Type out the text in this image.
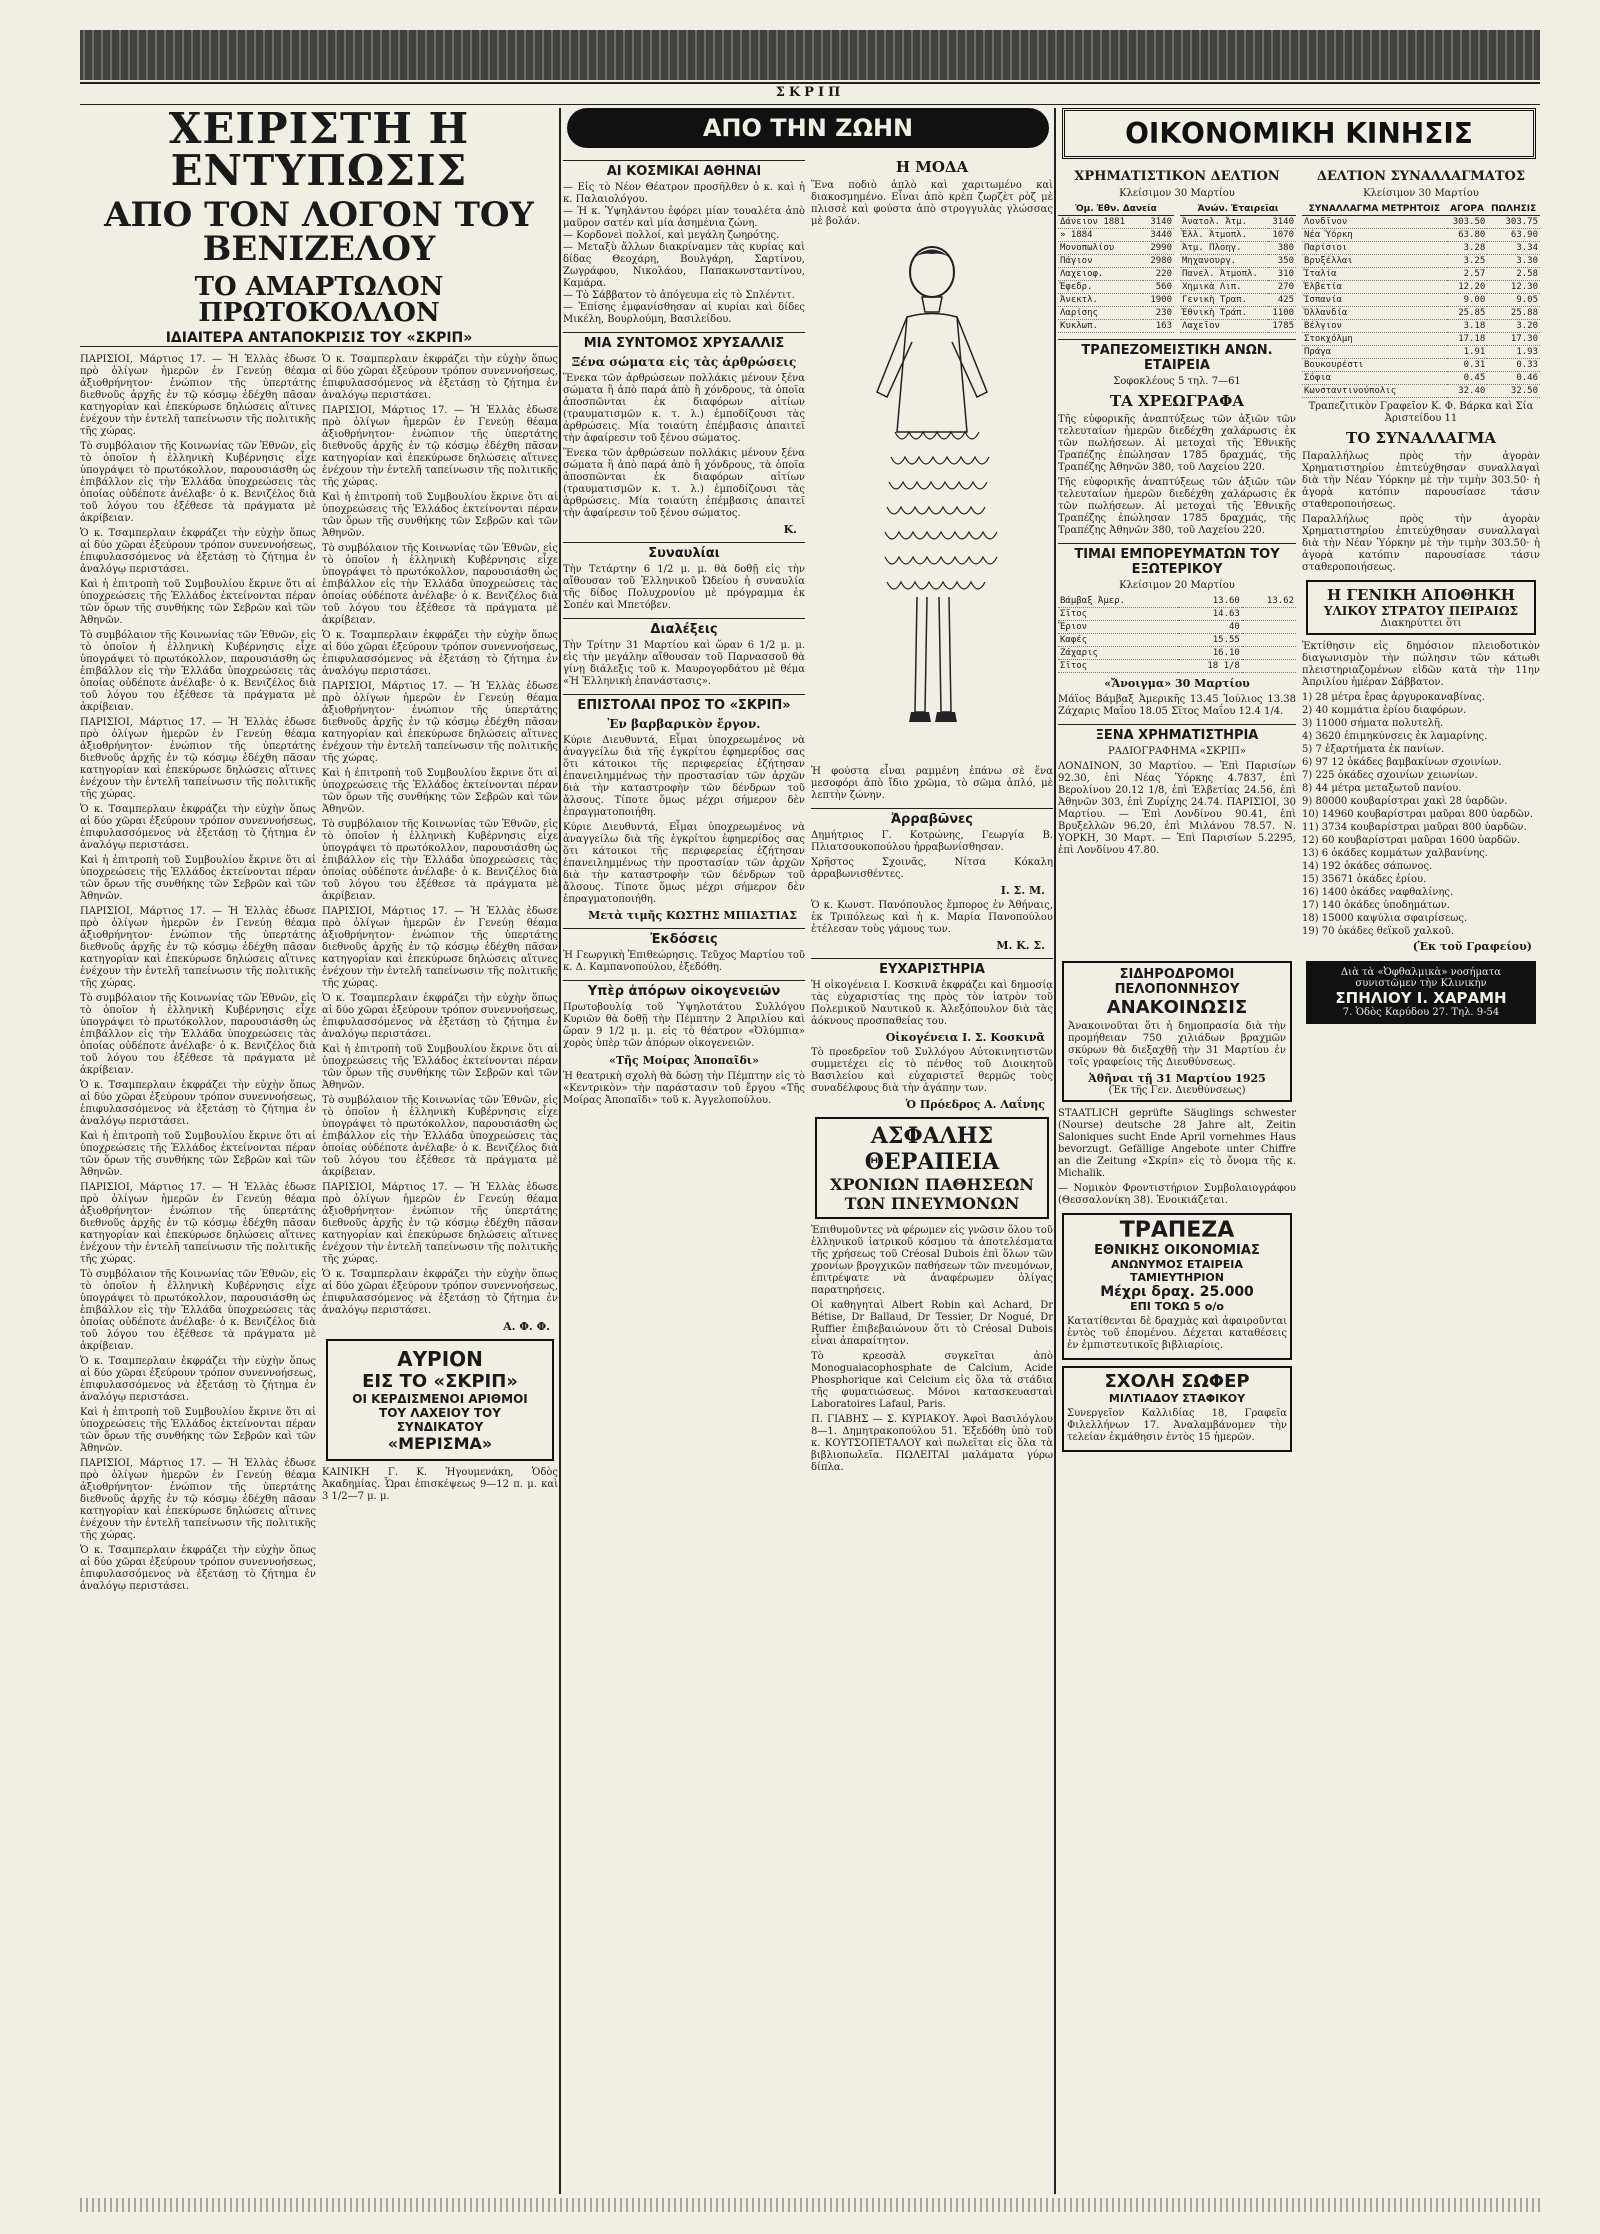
ΣΚΡΙΠ
ΧΕΙΡΙΣΤΗ Η ΕΝΤΥΠΩΣΙΣ
ΑΠΟ ΤΟΝ ΛΟΓΟΝ ΤΟΥ ΒΕΝΙΖΕΛΟΥ
ΤΟ ΑΜΑΡΤΩΛΟΝ ΠΡΩΤΟΚΟΛΛΟΝ
ΙΔΙΑΙΤΕΡΑ ΑΝΤΑΠΟΚΡΙΣΙΣ ΤΟΥ «ΣΚΡΙΠ»

ΠΑΡΙΣΙΟΙ, Μάρτιος 17. — Ἡ Ἑλλὰς ἐδωσε πρὸ ὀλίγων ἡμερῶν ἐν Γενεύῃ θέαμα ἀξιοθρήνητον· ἐνώπιον τῆς ὑπερτάτης διεθνοῦς ἀρχῆς ἐν τῷ κόσμῳ ἐδέχθη πᾶσαν κατηγορίαν καὶ ἐπεκύρωσε δηλώσεις αἵτινες ἐνέχουν τὴν ἐντελῆ ταπείνωσιν τῆς πολιτικῆς τῆς χώρας.

Τὸ συμβόλαιον τῆς Κοινωνίας τῶν Ἐθνῶν, εἰς τὸ ὁποῖον ἡ ἑλληνικὴ Κυβέρνησις εἶχε ὑπογράψει τὸ πρωτόκολλον, παρουσιάσθη ὡς ἐπιβάλλον εἰς τὴν Ἑλλάδα ὑποχρεώσεις τὰς ὁποίας οὐδέποτε ἀνέλαβε· ὁ κ. Βενιζέλος διὰ τοῦ λόγου του ἐξέθεσε τὰ πράγματα μὲ ἀκρίβειαν.

Ὁ κ. Τσαμπερλαιν ἐκφράζει τὴν εὐχὴν ὅπως αἱ δύο χῶραι ἐξεύρουν τρόπον συνεννοήσεως, ἐπιφυλασσόμενος νὰ ἐξετάσῃ τὸ ζήτημα ἐν ἀναλόγῳ περιστάσει.

Καὶ ἡ ἐπιτροπὴ τοῦ Συμβουλίου ἔκρινε ὅτι αἱ ὑποχρεώσεις τῆς Ἑλλάδος ἐκτείνονται πέραν τῶν ὅρων τῆς συνθήκης τῶν Σεβρῶν καὶ τῶν Ἀθηνῶν.

Τὸ συμβόλαιον τῆς Κοινωνίας τῶν Ἐθνῶν, εἰς τὸ ὁποῖον ἡ ἑλληνικὴ Κυβέρνησις εἶχε ὑπογράψει τὸ πρωτόκολλον, παρουσιάσθη ὡς ἐπιβάλλον εἰς τὴν Ἑλλάδα ὑποχρεώσεις τὰς ὁποίας οὐδέποτε ἀνέλαβε· ὁ κ. Βενιζέλος διὰ τοῦ λόγου του ἐξέθεσε τὰ πράγματα μὲ ἀκρίβειαν.

ΠΑΡΙΣΙΟΙ, Μάρτιος 17. — Ἡ Ἑλλὰς ἐδωσε πρὸ ὀλίγων ἡμερῶν ἐν Γενεύῃ θέαμα ἀξιοθρήνητον· ἐνώπιον τῆς ὑπερτάτης διεθνοῦς ἀρχῆς ἐν τῷ κόσμῳ ἐδέχθη πᾶσαν κατηγορίαν καὶ ἐπεκύρωσε δηλώσεις αἵτινες ἐνέχουν τὴν ἐντελῆ ταπείνωσιν τῆς πολιτικῆς τῆς χώρας.

Ὁ κ. Τσαμπερλαιν ἐκφράζει τὴν εὐχὴν ὅπως αἱ δύο χῶραι ἐξεύρουν τρόπον συνεννοήσεως, ἐπιφυλασσόμενος νὰ ἐξετάσῃ τὸ ζήτημα ἐν ἀναλόγῳ περιστάσει.

Καὶ ἡ ἐπιτροπὴ τοῦ Συμβουλίου ἔκρινε ὅτι αἱ ὑποχρεώσεις τῆς Ἑλλάδος ἐκτείνονται πέραν τῶν ὅρων τῆς συνθήκης τῶν Σεβρῶν καὶ τῶν Ἀθηνῶν.

ΠΑΡΙΣΙΟΙ, Μάρτιος 17. — Ἡ Ἑλλὰς ἐδωσε πρὸ ὀλίγων ἡμερῶν ἐν Γενεύῃ θέαμα ἀξιοθρήνητον· ἐνώπιον τῆς ὑπερτάτης διεθνοῦς ἀρχῆς ἐν τῷ κόσμῳ ἐδέχθη πᾶσαν κατηγορίαν καὶ ἐπεκύρωσε δηλώσεις αἵτινες ἐνέχουν τὴν ἐντελῆ ταπείνωσιν τῆς πολιτικῆς τῆς χώρας.

Τὸ συμβόλαιον τῆς Κοινωνίας τῶν Ἐθνῶν, εἰς τὸ ὁποῖον ἡ ἑλληνικὴ Κυβέρνησις εἶχε ὑπογράψει τὸ πρωτόκολλον, παρουσιάσθη ὡς ἐπιβάλλον εἰς τὴν Ἑλλάδα ὑποχρεώσεις τὰς ὁποίας οὐδέποτε ἀνέλαβε· ὁ κ. Βενιζέλος διὰ τοῦ λόγου του ἐξέθεσε τὰ πράγματα μὲ ἀκρίβειαν.

Ὁ κ. Τσαμπερλαιν ἐκφράζει τὴν εὐχὴν ὅπως αἱ δύο χῶραι ἐξεύρουν τρόπον συνεννοήσεως, ἐπιφυλασσόμενος νὰ ἐξετάσῃ τὸ ζήτημα ἐν ἀναλόγῳ περιστάσει.

Καὶ ἡ ἐπιτροπὴ τοῦ Συμβουλίου ἔκρινε ὅτι αἱ ὑποχρεώσεις τῆς Ἑλλάδος ἐκτείνονται πέραν τῶν ὅρων τῆς συνθήκης τῶν Σεβρῶν καὶ τῶν Ἀθηνῶν.

ΠΑΡΙΣΙΟΙ, Μάρτιος 17. — Ἡ Ἑλλὰς ἐδωσε πρὸ ὀλίγων ἡμερῶν ἐν Γενεύῃ θέαμα ἀξιοθρήνητον· ἐνώπιον τῆς ὑπερτάτης διεθνοῦς ἀρχῆς ἐν τῷ κόσμῳ ἐδέχθη πᾶσαν κατηγορίαν καὶ ἐπεκύρωσε δηλώσεις αἵτινες ἐνέχουν τὴν ἐντελῆ ταπείνωσιν τῆς πολιτικῆς τῆς χώρας.

Τὸ συμβόλαιον τῆς Κοινωνίας τῶν Ἐθνῶν, εἰς τὸ ὁποῖον ἡ ἑλληνικὴ Κυβέρνησις εἶχε ὑπογράψει τὸ πρωτόκολλον, παρουσιάσθη ὡς ἐπιβάλλον εἰς τὴν Ἑλλάδα ὑποχρεώσεις τὰς ὁποίας οὐδέποτε ἀνέλαβε· ὁ κ. Βενιζέλος διὰ τοῦ λόγου του ἐξέθεσε τὰ πράγματα μὲ ἀκρίβειαν.

Ὁ κ. Τσαμπερλαιν ἐκφράζει τὴν εὐχὴν ὅπως αἱ δύο χῶραι ἐξεύρουν τρόπον συνεννοήσεως, ἐπιφυλασσόμενος νὰ ἐξετάσῃ τὸ ζήτημα ἐν ἀναλόγῳ περιστάσει.

Καὶ ἡ ἐπιτροπὴ τοῦ Συμβουλίου ἔκρινε ὅτι αἱ ὑποχρεώσεις τῆς Ἑλλάδος ἐκτείνονται πέραν τῶν ὅρων τῆς συνθήκης τῶν Σεβρῶν καὶ τῶν Ἀθηνῶν.

ΠΑΡΙΣΙΟΙ, Μάρτιος 17. — Ἡ Ἑλλὰς ἐδωσε πρὸ ὀλίγων ἡμερῶν ἐν Γενεύῃ θέαμα ἀξιοθρήνητον· ἐνώπιον τῆς ὑπερτάτης διεθνοῦς ἀρχῆς ἐν τῷ κόσμῳ ἐδέχθη πᾶσαν κατηγορίαν καὶ ἐπεκύρωσε δηλώσεις αἵτινες ἐνέχουν τὴν ἐντελῆ ταπείνωσιν τῆς πολιτικῆς τῆς χώρας.

Ὁ κ. Τσαμπερλαιν ἐκφράζει τὴν εὐχὴν ὅπως αἱ δύο χῶραι ἐξεύρουν τρόπον συνεννοήσεως, ἐπιφυλασσόμενος νὰ ἐξετάσῃ τὸ ζήτημα ἐν ἀναλόγῳ περιστάσει.

Ὁ κ. Τσαμπερλαιν ἐκφράζει τὴν εὐχὴν ὅπως αἱ δύο χῶραι ἐξεύρουν τρόπον συνεννοήσεως, ἐπιφυλασσόμενος νὰ ἐξετάσῃ τὸ ζήτημα ἐν ἀναλόγῳ περιστάσει.

ΠΑΡΙΣΙΟΙ, Μάρτιος 17. — Ἡ Ἑλλὰς ἐδωσε πρὸ ὀλίγων ἡμερῶν ἐν Γενεύῃ θέαμα ἀξιοθρήνητον· ἐνώπιον τῆς ὑπερτάτης διεθνοῦς ἀρχῆς ἐν τῷ κόσμῳ ἐδέχθη πᾶσαν κατηγορίαν καὶ ἐπεκύρωσε δηλώσεις αἵτινες ἐνέχουν τὴν ἐντελῆ ταπείνωσιν τῆς πολιτικῆς τῆς χώρας.

Καὶ ἡ ἐπιτροπὴ τοῦ Συμβουλίου ἔκρινε ὅτι αἱ ὑποχρεώσεις τῆς Ἑλλάδος ἐκτείνονται πέραν τῶν ὅρων τῆς συνθήκης τῶν Σεβρῶν καὶ τῶν Ἀθηνῶν.

Τὸ συμβόλαιον τῆς Κοινωνίας τῶν Ἐθνῶν, εἰς τὸ ὁποῖον ἡ ἑλληνικὴ Κυβέρνησις εἶχε ὑπογράψει τὸ πρωτόκολλον, παρουσιάσθη ὡς ἐπιβάλλον εἰς τὴν Ἑλλάδα ὑποχρεώσεις τὰς ὁποίας οὐδέποτε ἀνέλαβε· ὁ κ. Βενιζέλος διὰ τοῦ λόγου του ἐξέθεσε τὰ πράγματα μὲ ἀκρίβειαν.

Ὁ κ. Τσαμπερλαιν ἐκφράζει τὴν εὐχὴν ὅπως αἱ δύο χῶραι ἐξεύρουν τρόπον συνεννοήσεως, ἐπιφυλασσόμενος νὰ ἐξετάσῃ τὸ ζήτημα ἐν ἀναλόγῳ περιστάσει.

ΠΑΡΙΣΙΟΙ, Μάρτιος 17. — Ἡ Ἑλλὰς ἐδωσε πρὸ ὀλίγων ἡμερῶν ἐν Γενεύῃ θέαμα ἀξιοθρήνητον· ἐνώπιον τῆς ὑπερτάτης διεθνοῦς ἀρχῆς ἐν τῷ κόσμῳ ἐδέχθη πᾶσαν κατηγορίαν καὶ ἐπεκύρωσε δηλώσεις αἵτινες ἐνέχουν τὴν ἐντελῆ ταπείνωσιν τῆς πολιτικῆς τῆς χώρας.

Καὶ ἡ ἐπιτροπὴ τοῦ Συμβουλίου ἔκρινε ὅτι αἱ ὑποχρεώσεις τῆς Ἑλλάδος ἐκτείνονται πέραν τῶν ὅρων τῆς συνθήκης τῶν Σεβρῶν καὶ τῶν Ἀθηνῶν.

Τὸ συμβόλαιον τῆς Κοινωνίας τῶν Ἐθνῶν, εἰς τὸ ὁποῖον ἡ ἑλληνικὴ Κυβέρνησις εἶχε ὑπογράψει τὸ πρωτόκολλον, παρουσιάσθη ὡς ἐπιβάλλον εἰς τὴν Ἑλλάδα ὑποχρεώσεις τὰς ὁποίας οὐδέποτε ἀνέλαβε· ὁ κ. Βενιζέλος διὰ τοῦ λόγου του ἐξέθεσε τὰ πράγματα μὲ ἀκρίβειαν.

ΠΑΡΙΣΙΟΙ, Μάρτιος 17. — Ἡ Ἑλλὰς ἐδωσε πρὸ ὀλίγων ἡμερῶν ἐν Γενεύῃ θέαμα ἀξιοθρήνητον· ἐνώπιον τῆς ὑπερτάτης διεθνοῦς ἀρχῆς ἐν τῷ κόσμῳ ἐδέχθη πᾶσαν κατηγορίαν καὶ ἐπεκύρωσε δηλώσεις αἵτινες ἐνέχουν τὴν ἐντελῆ ταπείνωσιν τῆς πολιτικῆς τῆς χώρας.

Ὁ κ. Τσαμπερλαιν ἐκφράζει τὴν εὐχὴν ὅπως αἱ δύο χῶραι ἐξεύρουν τρόπον συνεννοήσεως, ἐπιφυλασσόμενος νὰ ἐξετάσῃ τὸ ζήτημα ἐν ἀναλόγῳ περιστάσει.

Καὶ ἡ ἐπιτροπὴ τοῦ Συμβουλίου ἔκρινε ὅτι αἱ ὑποχρεώσεις τῆς Ἑλλάδος ἐκτείνονται πέραν τῶν ὅρων τῆς συνθήκης τῶν Σεβρῶν καὶ τῶν Ἀθηνῶν.

Τὸ συμβόλαιον τῆς Κοινωνίας τῶν Ἐθνῶν, εἰς τὸ ὁποῖον ἡ ἑλληνικὴ Κυβέρνησις εἶχε ὑπογράψει τὸ πρωτόκολλον, παρουσιάσθη ὡς ἐπιβάλλον εἰς τὴν Ἑλλάδα ὑποχρεώσεις τὰς ὁποίας οὐδέποτε ἀνέλαβε· ὁ κ. Βενιζέλος διὰ τοῦ λόγου του ἐξέθεσε τὰ πράγματα μὲ ἀκρίβειαν.

ΠΑΡΙΣΙΟΙ, Μάρτιος 17. — Ἡ Ἑλλὰς ἐδωσε πρὸ ὀλίγων ἡμερῶν ἐν Γενεύῃ θέαμα ἀξιοθρήνητον· ἐνώπιον τῆς ὑπερτάτης διεθνοῦς ἀρχῆς ἐν τῷ κόσμῳ ἐδέχθη πᾶσαν κατηγορίαν καὶ ἐπεκύρωσε δηλώσεις αἵτινες ἐνέχουν τὴν ἐντελῆ ταπείνωσιν τῆς πολιτικῆς τῆς χώρας.

Ὁ κ. Τσαμπερλαιν ἐκφράζει τὴν εὐχὴν ὅπως αἱ δύο χῶραι ἐξεύρουν τρόπον συνεννοήσεως, ἐπιφυλασσόμενος νὰ ἐξετάσῃ τὸ ζήτημα ἐν ἀναλόγῳ περιστάσει.

Α. Φ. Φ.
ΑΥΡΙΟΝ
ΕΙΣ ΤΟ «ΣΚΡΙΠ»
ΟΙ ΚΕΡΔΙΣΜΕΝΟΙ ΑΡΙΘΜΟΙ
ΤΟΥ ΛΑΧΕΙΟΥ ΤΟΥ ΣΥΝΔΙΚΑΤΟΥ
«ΜΕΡΙΣΜΑ»

ΚΑΙΝΙΚΗ Γ. Κ. Ἡγουμενάκη, Ὁδὸς Ἀκαδημίας. Ὧραι ἐπισκέψεως 9—12 π. μ. καὶ 3 1/2—7 μ. μ.

ΑΠΟ ΤΗΝ ΖΩΗΝ
ΑΙ ΚΟΣΜΙΚΑΙ ΑΘΗΝΑΙ

— Εἰς τὸ Νέον Θέατρον προσῆλθεν ὁ κ. καὶ ἡ κ. Παλαιολόγου.
— Ἡ κ. Ὑψηλάντου ἐφόρει μίαν τουαλέτα ἀπὸ μαῦρον σατέν καὶ μία ἀσημένια ζώνη.
— Κορδονεὶ πολλοί, καὶ μεγάλη ζωηρότης.
— Μεταξὺ ἄλλων διακρίναμεν τὰς κυρίας καὶ δίδας Θεοχάρη, Βουλγάρη, Σαρτίνου, Ζωγράφου, Νικολάου, Παπακωνσταντίνου, Καμάρα.
— Τὸ Σάββατον τὸ ἀπόγευμα εἰς τὸ Σπλέντιτ.
— Ἐπίσης ἐμφανίσθησαν αἱ κυρίαι καὶ δίδες Μικέλη, Βουρλούμη, Βασιλείδου.

ΜΙΑ ΣΥΝΤΟΜΟΣ ΧΡΥΣΑΛΛΙΣ
Ξένα σώματα εἰς τὰς ἀρθρώσεις

Ἕνεκα τῶν ἀρθρώσεων πολλάκις μένουν ξένα σώματα ἢ ἀπὸ παρά ἀπὸ ἢ χόνδρους, τὰ ὁποῖα ἀποσπῶνται ἐκ διαφόρων αἰτίων (τραυματισμῶν κ. τ. λ.) ἐμποδίζουσι τὰς ἀρθρώσεις. Μία τοιαύτη ἐπέμβασις ἀπαιτεῖ τὴν ἀφαίρεσιν τοῦ ξένου σώματος.

Ἕνεκα τῶν ἀρθρώσεων πολλάκις μένουν ξένα σώματα ἢ ἀπὸ παρά ἀπὸ ἢ χόνδρους, τὰ ὁποῖα ἀποσπῶνται ἐκ διαφόρων αἰτίων (τραυματισμῶν κ. τ. λ.) ἐμποδίζουσι τὰς ἀρθρώσεις. Μία τοιαύτη ἐπέμβασις ἀπαιτεῖ τὴν ἀφαίρεσιν τοῦ ξένου σώματος.

Κ.
Συναυλίαι

Τὴν Τετάρτην 6 1/2 μ. μ. θὰ δοθῇ εἰς τὴν αἴθουσαν τοῦ Ἑλληνικοῦ Ὠδείου ἡ συναυλία τῆς δίδος Πολυχρονίου μὲ πρόγραμμα ἐκ Σοπέν καὶ Μπετόβεν.

Διαλέξεις

Τὴν Τρίτην 31 Μαρτίου καὶ ὥραν 6 1/2 μ. μ. εἰς τὴν μεγάλην αἴθουσαν τοῦ Παρνασσοῦ θὰ γίνῃ διάλεξις τοῦ κ. Μαυρογορδάτου μὲ θέμα «Ἡ Ἑλληνικὴ ἐπανάστασις».

ΕΠΙΣΤΟΛΑΙ ΠΡΟΣ ΤΟ «ΣΚΡΙΠ»
Ἐν βαρβαρικὸν ἔργον.

Κύριε Διευθυντά, Εἶμαι ὑποχρεωμένος νὰ ἀναγγείλω διὰ τῆς ἐγκρίτου ἐφημερίδος σας ὅτι κάτοικοι τῆς περιφερείας ἐζήτησαν ἐπανειλημμένως τὴν προστασίαν τῶν ἀρχῶν διὰ τὴν καταστροφὴν τῶν δένδρων τοῦ ἄλσους. Τίποτε ὅμως μέχρι σήμερον δὲν ἐπραγματοποιήθη.

Κύριε Διευθυντά, Εἶμαι ὑποχρεωμένος νὰ ἀναγγείλω διὰ τῆς ἐγκρίτου ἐφημερίδος σας ὅτι κάτοικοι τῆς περιφερείας ἐζήτησαν ἐπανειλημμένως τὴν προστασίαν τῶν ἀρχῶν διὰ τὴν καταστροφὴν τῶν δένδρων τοῦ ἄλσους. Τίποτε ὅμως μέχρι σήμερον δὲν ἐπραγματοποιήθη.

Μετὰ τιμῆς ΚΩΣΤΗΣ ΜΠΙΑΣΤΙΑΣ
Ἐκδόσεις

Ἡ Γεωργικὴ Ἐπιθεώρησις. Τεῦχος Μαρτίου τοῦ κ. Δ. Καμπανοπούλου, ἐξεδόθη.

Υπὲρ ἀπόρων οἰκογενειῶν

Πρωτοβουλίᾳ τοῦ Ὑψηλοτάτου Συλλόγου Κυριῶν θὰ δοθῇ τὴν Πέμπτην 2 Ἀπριλίου καὶ ὥραν 9 1/2 μ. μ. εἰς τὸ θέατρον «Ὀλύμπια» χορὸς ὑπὲρ τῶν ἀπόρων οἰκογενειῶν.

«Τῆς Μοίρας Ἀποπαῖδι»

Ἡ θεατρικὴ σχολὴ θὰ δώσῃ τὴν Πέμπτην εἰς τὸ «Κεντρικὸν» τὴν παράστασιν τοῦ ἔργου «Τῆς Μοίρας Ἀποπαῖδι» τοῦ κ. Ἀγγελοπούλου.

Η ΜΟΔΑ

Ἕνα ποδιὸ ἁπλὸ καὶ χαριτωμένο καὶ διακοσμημένο. Εἶναι ἀπὸ κρὲπ ζωρζὲτ ρὸζ μὲ πλισσὲ καὶ φούστα ἀπὸ στρογγυλὰς γλώσσας μὲ βολάν.

Ἡ φούστα εἶναι ραμμένη ἐπάνω σὲ ἕνα μεσοφόρι ἀπὸ ἴδιο χρῶμα, τὸ σῶμα ἀπλό, μὲ λεπτὴν ζώνην.

Ἀρραβῶνες

Δημήτριος Γ. Κοτρώνης, Γεωργία Β. Πλιατσουκοπούλου ἠρραβωνίσθησαν.

Χρῆστος Σχοινᾶς, Νίτσα Κόκαλη ἀρραβωνισθέντες.

Ι. Σ. Μ.

Ὁ κ. Κωνστ. Πανόπουλος ἔμπορος ἐν Ἀθήναις, ἐκ Τριπόλεως καὶ ἡ κ. Μαρία Πανοπούλου ἐτέλεσαν τοὺς γάμους των.

Μ. Κ. Σ.
ΕΥΧΑΡΙΣΤΗΡΙΑ

Ἡ οἰκογένεια Ι. Κοσκινᾶ ἐκφράζει καὶ δημοσίᾳ τὰς εὐχαριστίας της πρὸς τὸν ἰατρὸν τοῦ Πολεμικοῦ Ναυτικοῦ κ. Ἀλεξόπουλον διὰ τὰς ἀόκνους προσπαθείας του.

Οἰκογένεια Ι. Σ. Κοσκινᾶ

Τὸ προεδρεῖον τοῦ Συλλόγου Αὐτοκινητιστῶν συμμετέχει εἰς τὸ πένθος τοῦ Διοικητοῦ Βασιλείου καὶ εὐχαριστεῖ θερμῶς τοὺς συναδέλφους διὰ τὴν ἀγάπην των.

Ὁ Πρόεδρος Α. Λαΐνης
ΑΣΦΑΛΗΣ ΘΕΡΑΠΕΙΑ
ΧΡΟΝΙΩΝ ΠΑΘΗΣΕΩΝ
ΤΩΝ ΠΝΕΥΜΟΝΩΝ

Ἐπιθυμοῦντες νὰ φέρωμεν εἰς γνῶσιν ὅλου τοῦ ἑλληνικοῦ ἰατρικοῦ κόσμου τὰ ἀποτελέσματα τῆς χρήσεως τοῦ Créosal Dubois ἐπὶ ὅλων τῶν χρονίων βρογχικῶν παθήσεων τῶν πνευμόνων, ἐπιτρέψατε νὰ ἀναφέρωμεν ὀλίγας παρατηρήσεις.

Οἱ καθηγηταὶ Albert Robin καὶ Achard, Dr Bétise, Dr Ballaud, Dr Tessier, Dr Nogué, Dr Ruffier ἐπιβεβαιώνουν ὅτι τὸ Créosal Dubois εἶναι ἀπαραίτητον.

Τὸ κρεοσὰλ συγκεῖται ἀπὸ Monoguaiacophosphate de Calcium, Acide Phosphorique καὶ Celcium εἰς ὅλα τὰ στάδια τῆς φυματιώσεως. Μόνοι κατασκευασταὶ Laboratoires Lafaul, Paris.

Π. ΓΙΑΒΗΣ — Σ. ΚΥΡΙΑΚΟΥ. Ἀφοὶ Βασιλόγλου 8—1. Δημητρακοπούλου 51. Ἐξεδόθη ὑπὸ τοῦ κ. ΚΟΥΤΣΟΠΕΤΑΛΟΥ καὶ πωλεῖται εἰς ὅλα τὰ βιβλιοπωλεῖα. ΠΩΛΕΙΤΑΙ μαλάματα γύρω δίπλα.

ΟΙΚΟΝΟΜΙΚΗ ΚΙΝΗΣΙΣ
ΧΡΗΜΑΤΙΣΤΙΚΟΝ ΔΕΛΤΙΟΝ
Κλείσιμον 30 Μαρτίου
Ὁμ. Ἐθν. Δανεία	
Δάνειον 1881	3140
» 1884	3440
Μονοπωλίου	2990
Πάγιον	2980
Λαχειοφ.	220
Ἐφεδρ.	560
Ἀνεκτλ.	1900
Λαρίσης	230
Κυκλωπ.	163
Ἀνών. Ἑταιρεῖαι	
Ἀνατολ. Ἀτμ.	3140
Ἑλλ. Ἀτμοπλ.	1070
Ἀτμ. Πλοηγ.	380
Μηχανουργ.	350
Πανελ. Ἀτμοπλ.	310
Χημικὰ Λιπ.	270
Γενικὴ Τραπ.	425
Ἐθνικὴ Τράπ.	1100
Λαχεῖον	1785
ΤΡΑΠΕΖΟΜΕΙΣΤΙΚΗ ΑΝΩΝ. ΕΤΑΙΡΕΙΑ
Σοφοκλέους 5 τηλ. 7—61
ΤΑ ΧΡΕΩΓΡΑΦΑ

Τῆς εὐφορικῆς ἀναπτύξεως τῶν ἀξιῶν τῶν τελευταίων ἡμερῶν διεδέχθη χαλάρωσις ἐκ τῶν πωλήσεων. Αἱ μετοχαὶ τῆς Ἐθνικῆς Τραπέζης ἐπώλησαν 1785 δραχμάς, τῆς Τραπέζης Ἀθηνῶν 380, τοῦ Λαχείου 220.

Τῆς εὐφορικῆς ἀναπτύξεως τῶν ἀξιῶν τῶν τελευταίων ἡμερῶν διεδέχθη χαλάρωσις ἐκ τῶν πωλήσεων. Αἱ μετοχαὶ τῆς Ἐθνικῆς Τραπέζης ἐπώλησαν 1785 δραχμάς, τῆς Τραπέζης Ἀθηνῶν 380, τοῦ Λαχείου 220.

ΤΙΜΑΙ ΕΜΠΟΡΕΥΜΑΤΩΝ ΤΟΥ ΕΞΩΤΕΡΙΚΟΥ
Κλείσιμον 20 Μαρτίου
Βάμβαξ Ἀμερ.	13.60	13.62
Σῖτος	14.63	
Ἔριον	40	
Καφές	15.55	
Ζάχαρις	16.10	
Σῖτος	18 1/8	
«Ἄνοιγμα» 30 Μαρτίου

Μάϊος Βάμβαξ Ἀμερικῆς 13.45 Ἰούλιος 13.38 Ζάχαρις Μαΐου 18.05 Σῖτος Μαΐου 12.4 1/4.

ΞΕΝΑ ΧΡΗΜΑΤΙΣΤΗΡΙΑ
ΡΑΔΙΟΓΡΑΦΗΜΑ «ΣΚΡΙΠ»

ΛΟΝΔΙΝΟΝ, 30 Μαρτίου. — Ἐπὶ Παρισίων 92.30, ἐπὶ Νέας Ὑόρκης 4.7837, ἐπὶ Βερολίνου 20.12 1/8, ἐπὶ Ἑλβετίας 24.56, ἐπὶ Ἀθηνῶν 303, ἐπὶ Ζυρίχης 24.74. ΠΑΡΙΣΙΟΙ, 30 Μαρτίου. — Ἐπὶ Λονδίνου 90.41, ἐπὶ Βρυξελλῶν 96.20, ἐπὶ Μιλάνου 78.57. Ν. ΥΟΡΚΗ, 30 Μαρτ. — Ἐπὶ Παρισίων 5.2295, ἐπὶ Λονδίνου 47.80.

ΔΕΛΤΙΟΝ ΣΥΝΑΛΛΑΓΜΑΤΟΣ
Κλείσιμον 30 Μαρτίου
ΣΥΝΑΛΛΑΓΜΑ ΜΕΤΡΗΤΟΙΣ	ΑΓΟΡΑ	ΠΩΛΗΣΙΣ
Λονδῖνον	303.50	303.75
Νέα Ὑόρκη	63.80	63.90
Παρίσιοι	3.28	3.34
Βρυξέλλαι	3.25	3.30
Ἰταλία	2.57	2.58
Ἑλβετία	12.20	12.30
Ἱσπανία	9.00	9.05
Ὁλλανδία	25.85	25.88
Βέλγιον	3.18	3.20
Στοκχόλμη	17.18	17.30
Πράγα	1.91	1.93
Βουκουρέστι	0.31	0.33
Σόφια	0.45	0.46
Κωνσταντινούπολις	32.40	32.50

Τραπεζιτικὸν Γραφεῖον Κ. Φ. Βάρκα καὶ Σία Ἀριστείδου 11

ΤΟ ΣΥΝΑΛΛΑΓΜΑ

Παραλλήλως πρὸς τὴν ἀγορὰν Χρηματιστηρίου ἐπιτεύχθησαν συναλλαγαὶ διὰ τὴν Νέαν Ὑόρκην μὲ τὴν τιμὴν 303.50· ἡ ἀγορὰ κατόπιν παρουσίασε τάσιν σταθεροποιήσεως.

Παραλλήλως πρὸς τὴν ἀγορὰν Χρηματιστηρίου ἐπιτεύχθησαν συναλλαγαὶ διὰ τὴν Νέαν Ὑόρκην μὲ τὴν τιμὴν 303.50· ἡ ἀγορὰ κατόπιν παρουσίασε τάσιν σταθεροποιήσεως.

Η ΓΕΝΙΚΗ ΑΠΟΘΗΚΗ
ΥΛΙΚΟΥ ΣΤΡΑΤΟΥ ΠΕΙΡΑΙΩΣ
Διακηρύττει ὅτι

Ἐκτίθησιν εἰς δημόσιον πλειοδοτικὸν διαγωνισμὸν τὴν πώλησιν τῶν κάτωθι πλειστηριαζομένων εἰδῶν κατὰ τὴν 11ην Ἀπριλίου ἡμέραν Σάββατον.

1) 28 μέτρα ἔρας ἀργυροκαναβίνας.
2) 40 κομμάτια ἐρίου διαφόρων.
3) 11000 σήματα πολυτελῆ.
4) 3620 ἐπιμηκύνσεις ἐκ λαμαρίνης.
5) 7 ἐξαρτήματα ἐκ πανίων.
6) 97 12 ὁκάδες βαμβακίνων σχοινίων.
7) 225 ὁκάδες σχοινίων χειωνίων.
8) 44 μέτρα μεταξωτοῦ πανίου.
9) 80000 κουβαρίστραι χακὶ 28 ὑαρδῶν.
10) 14960 κουβαρίστραι μαῦραι 800 ὑαρδῶν.
11) 3734 κουβαρίστραι μαῦραι 800 ὑαρδῶν.
12) 60 κουβαρίστραι μαῦραι 1600 ὑαρδῶν.
13) 6 ὁκάδες κομμάτων χαλβανίνης.
14) 192 ὁκάδες σάπωνος.
15) 35671 ὁκάδες ἐρίου.
16) 1400 ὁκάδες ναφθαλίνης.
17) 140 ὁκάδες ὑποδημάτων.
18) 15000 καψύλια σφαιρίσεως.
19) 70 ὁκάδες θεϊκοῦ χαλκοῦ.
(Ἐκ τοῦ Γραφείου)
ΣΙΔΗΡΟΔΡΟΜΟΙ ΠΕΛΟΠΟΝΝΗΣΟΥ
ΑΝΑΚΟΙΝΩΣΙΣ

Ἀνακοινοῦται ὅτι ἡ δημοπρασία διὰ τὴν προμήθειαν 750 χιλιάδων βραχμῶν σκύρων θὰ διεξαχθῇ τὴν 31 Μαρτίου ἐν τοῖς γραφείοις τῆς Διευθύνσεως.

Ἀθῆναι τῇ 31 Μαρτίου 1925
(Ἐκ τῆς Γεν. Διευθύνσεως)

STAATLICH geprüfte Säuglings schwester (Nourse) deutsche 28 Jahre alt, Zeitin Saloniques sucht Ende April vornehmes Haus bevorzugt. Gefällige Angebote unter Chiffre an die Zeitung «Σκρίπ» εἰς τὸ ὄνομα τῆς κ. Michalik.

— Νομικὸν Φροντιστήριον Συμβολαιογράφου (Θεσσαλονίκη 38). Ἐνοικιάζεται.

ΤΡΑΠΕΖΑ
ΕΘΝΙΚΗΣ ΟΙΚΟΝΟΜΙΑΣ
ΑΝΩΝΥΜΟΣ ΕΤΑΙΡΕΙΑ
ΤΑΜΙΕΥΤΗΡΙΟΝ
Μέχρι δραχ. 25.000
ΕΠΙ ΤΟΚΩ 5 ο/ο

Κατατίθενται δὲ δραχμὰς καὶ ἀφαιροῦνται ἐντὸς τοῦ ἑπομένου. Δέχεται καταθέσεις ἐν ἐμπιστευτικοῖς βιβλιαρίοις.

ΣΧΟΛΗ ΣΩΦΕΡ
ΜΙΛΤΙΑΔΟΥ ΣΤΑΦΙΚΟΥ

Συνεργεῖον Καλλιδίας 18, Γραφεῖα Φιλελλήνων 17. Ἀναλαμβάνομεν τὴν τελείαν ἐκμάθησιν ἐντὸς 15 ἡμερῶν.

Διὰ τὰ «Ὀφθαλμικὰ» νοσήματα συνιστῶμεν τὴν Κλινικὴν
ΣΠΗΛΙΟΥ Ι. ΧΑΡΑΜΗ
7. Ὁδὸς Καρύδου 27. Τηλ. 9-54
